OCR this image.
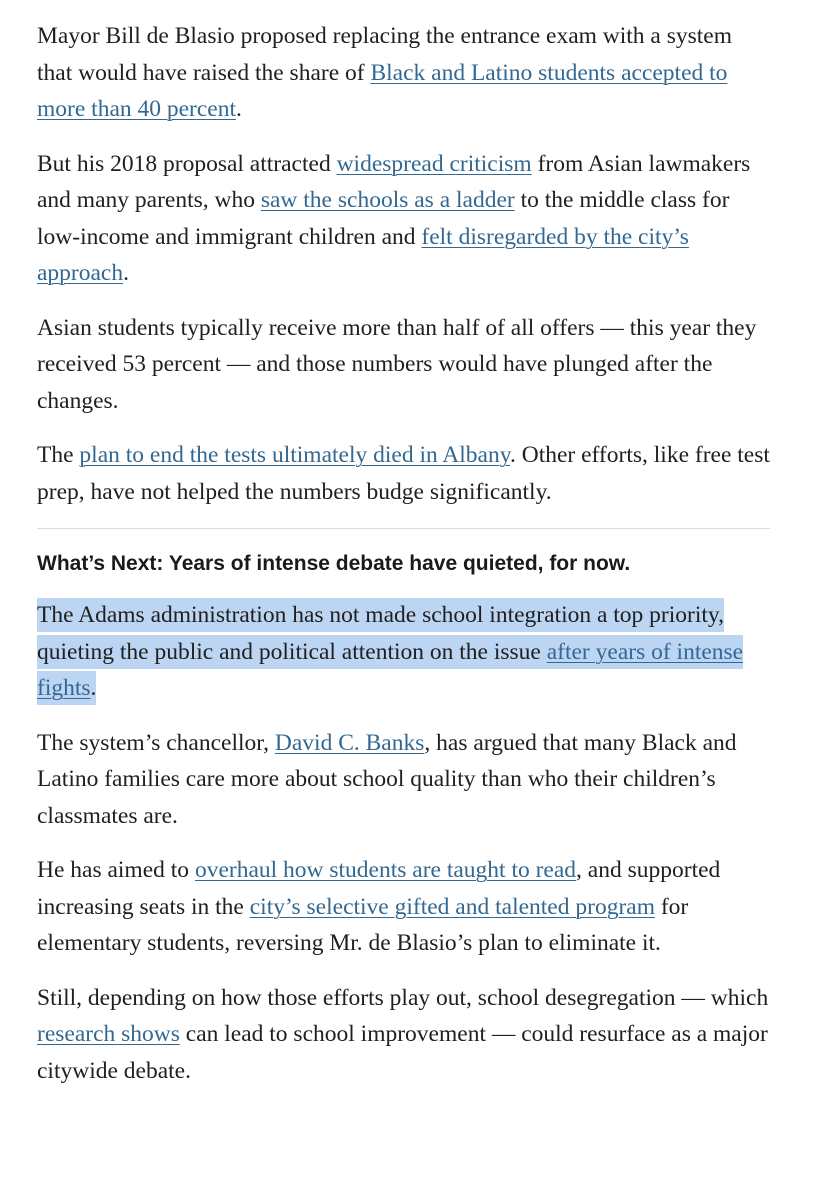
Mayor Bill de Blasio proposed replacing the entrance exam with a system that would have raised the share of Black and Latino students accepted to more than 40 percent.

But his 2018 proposal attracted widespread criticism from Asian lawmakers and many parents, who saw the schools as a ladder to the middle class for low-income and immigrant children and felt disregarded by the city’s approach.

Asian students typically receive more than half of all offers — this year they received 53 percent — and those numbers would have plunged after the changes.

The plan to end the tests ultimately died in Albany. Other efforts, like free test prep, have not helped the numbers budge significantly.

What’s Next: Years of intense debate have quieted, for now.

The Adams administration has not made school integration a top priority, quieting the public and political attention on the issue after years of intense fights.

The system’s chancellor, David C. Banks, has argued that many Black and Latino families care more about school quality than who their children’s classmates are.

He has aimed to overhaul how students are taught to read, and supported increasing seats in the city’s selective gifted and talented program for elementary students, reversing Mr. de Blasio’s plan to eliminate it.

Still, depending on how those efforts play out, school desegregation — which research shows can lead to school improvement — could resurface as a major citywide debate.
